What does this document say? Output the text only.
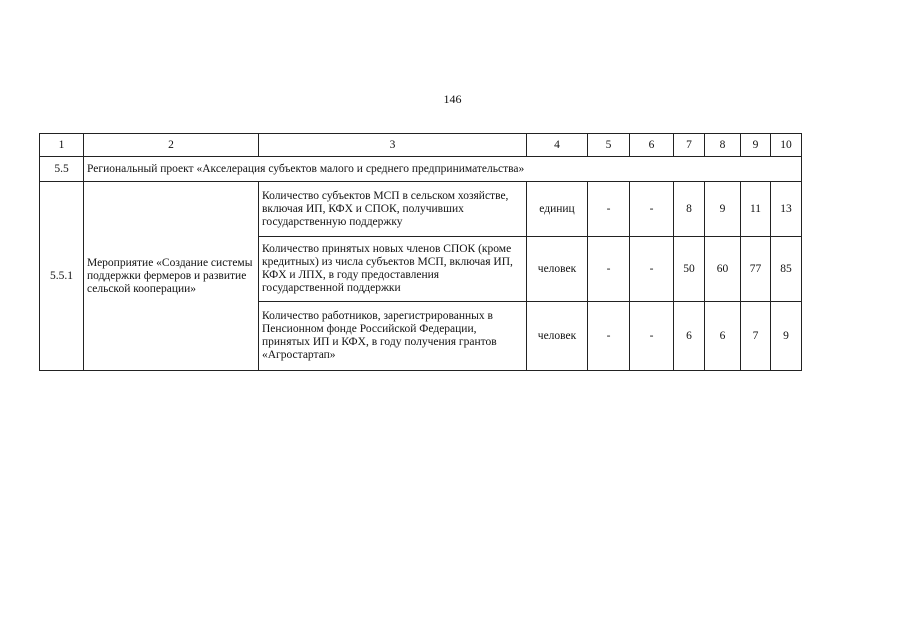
146
1	2	3	4	5	6	7	8	9	10
5.5	Региональный проект «Акселерация субъектов малого и среднего предпринимательства»								
5.5.1	Мероприятие «Создание системы поддержки фермеров и развитие сельской кооперации»	Количество субъектов МСП в сельском хозяйстве, включая ИП, КФХ и СПОК, получивших государственную поддержку	единиц	-	-	8	9	11	13
		Количество принятых новых членов СПОК (кроме кредитных) из числа субъектов МСП, включая ИП, КФХ и ЛПХ, в году предоставления государственной поддержки	человек	-	-	50	60	77	85
		Количество работников, зарегистрированных в Пенсионном фонде Российской Федерации, принятых ИП и КФХ, в году получения грантов «Агростартап»	человек	-	-	6	6	7	9
